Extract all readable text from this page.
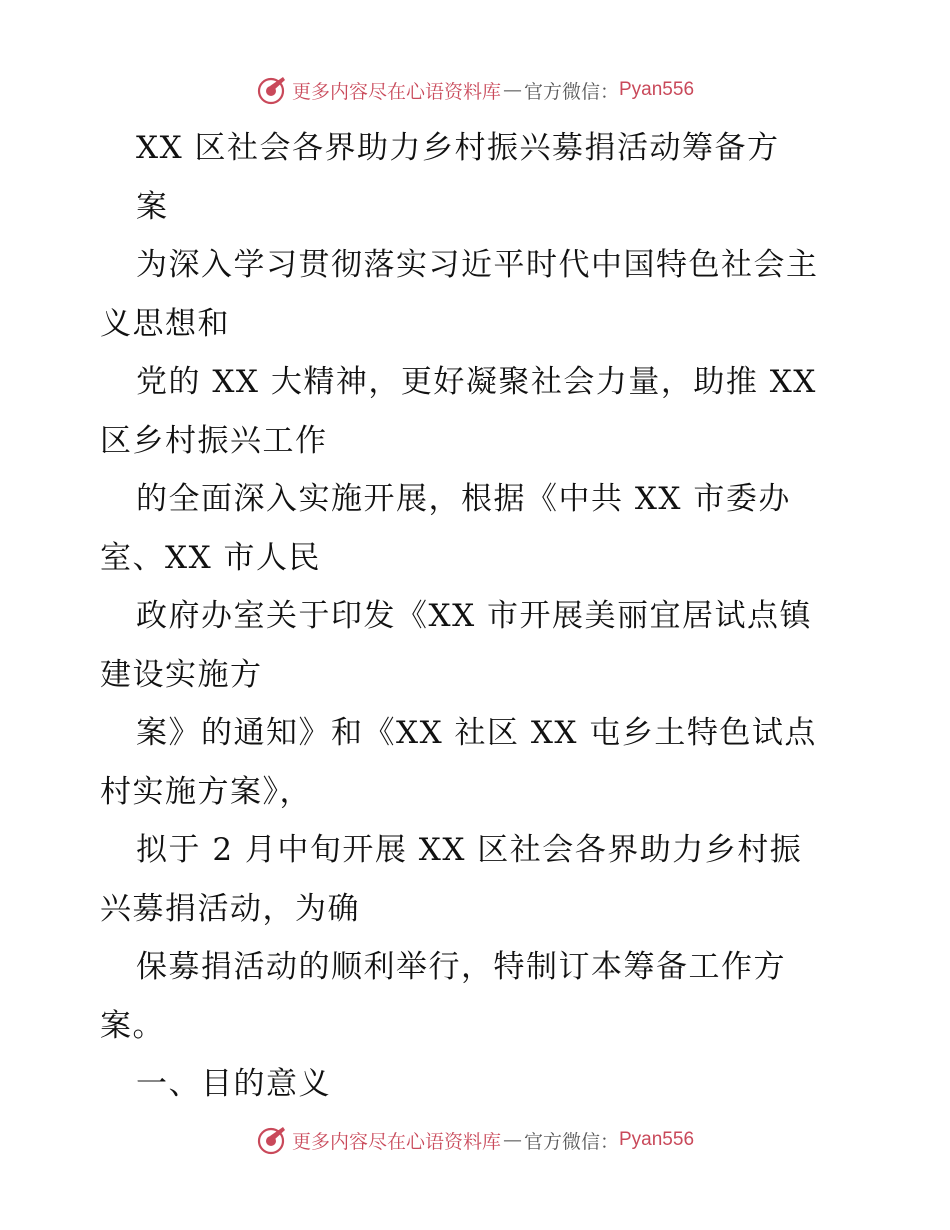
更多内容尽在心语资料库 — 官方微信： Pyan556
XX 区社会各界助力乡村振兴募捐活动筹备方
案
为深入学习贯彻落实习近平时代中国特色社会主
义思想和
党的 XX 大精神，更好凝聚社会力量，助推 XX
区乡村振兴工作
的全面深入实施开展，根据《中共 XX 市委办
室、XX 市人民
政府办室关于印发《XX 市开展美丽宜居试点镇
建设实施方
案》的通知》和《XX 社区 XX 屯乡土特色试点
村实施方案》，
拟于 2 月中旬开展 XX 区社会各界助力乡村振
兴募捐活动，为确
保募捐活动的顺利举行，特制订本筹备工作方
案。
一、目的意义
更多内容尽在心语资料库 — 官方微信： Pyan556
